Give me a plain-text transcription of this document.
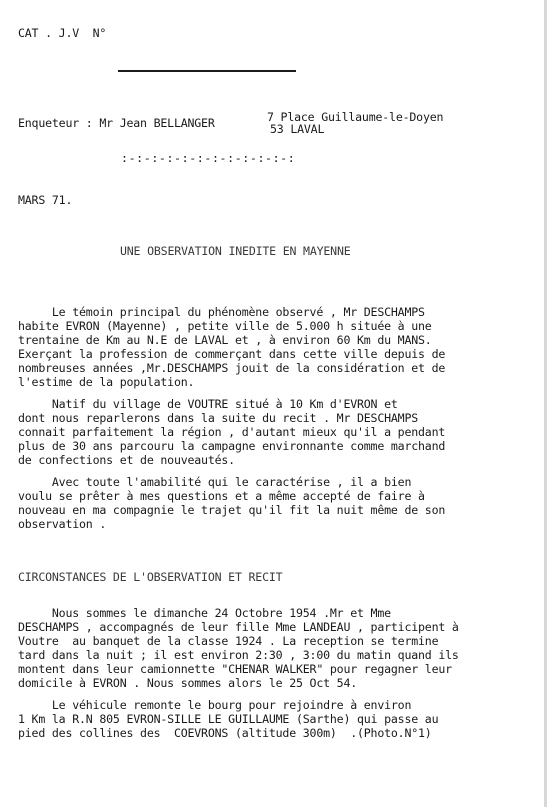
CAT . J.V  N°
Enqueteur : Mr Jean BELLANGER	7 Place Guillaume-le-Doyen
53 LAVAL
:-:-:-:-:-:-:-:-:-:-:-:
MARS 71.
UNE OBSERVATION INEDITE EN MAYENNE
Le témoin principal du phénomène observé , Mr DESCHAMPS
habite EVRON (Mayenne) , petite ville de 5.000 h située à une
trentaine de Km au N.E de LAVAL et , à environ 60 Km du MANS.
Exerçant la profession de commerçant dans cette ville depuis de
nombreuses années ,Mr.DESCHAMPS jouit de la considération et de
l'estime de la population.
Natif du village de VOUTRE situé à 10 Km d'EVRON et
dont nous reparlerons dans la suite du recit . Mr DESCHAMPS
connait parfaitement la région , d'autant mieux qu'il a pendant
plus de 30 ans parcouru la campagne environnante comme marchand
de confections et de nouveautés.
Avec toute l'amabilité qui le caractérise , il a bien
voulu se prêter à mes questions et a même accepté de faire à
nouveau en ma compagnie le trajet qu'il fit la nuit même de son
observation .
CIRCONSTANCES DE L'OBSERVATION ET RECIT
Nous sommes le dimanche 24 Octobre 1954 .Mr et Mme
DESCHAMPS , accompagnés de leur fille Mme LANDEAU , participent à
Voutre  au banquet de la classe 1924 . La reception se termine
tard dans la nuit ; il est environ 2:30 , 3:00 du matin quand ils
montent dans leur camionnette "CHENAR WALKER" pour regagner leur
domicile à EVRON . Nous sommes alors le 25 Oct 54.
Le véhicule remonte le bourg pour rejoindre à environ
1 Km la R.N 805 EVRON-SILLE LE GUILLAUME (Sarthe) qui passe au
pied des collines des  COEVRONS (altitude 300m)  .(Photo.N°1)
